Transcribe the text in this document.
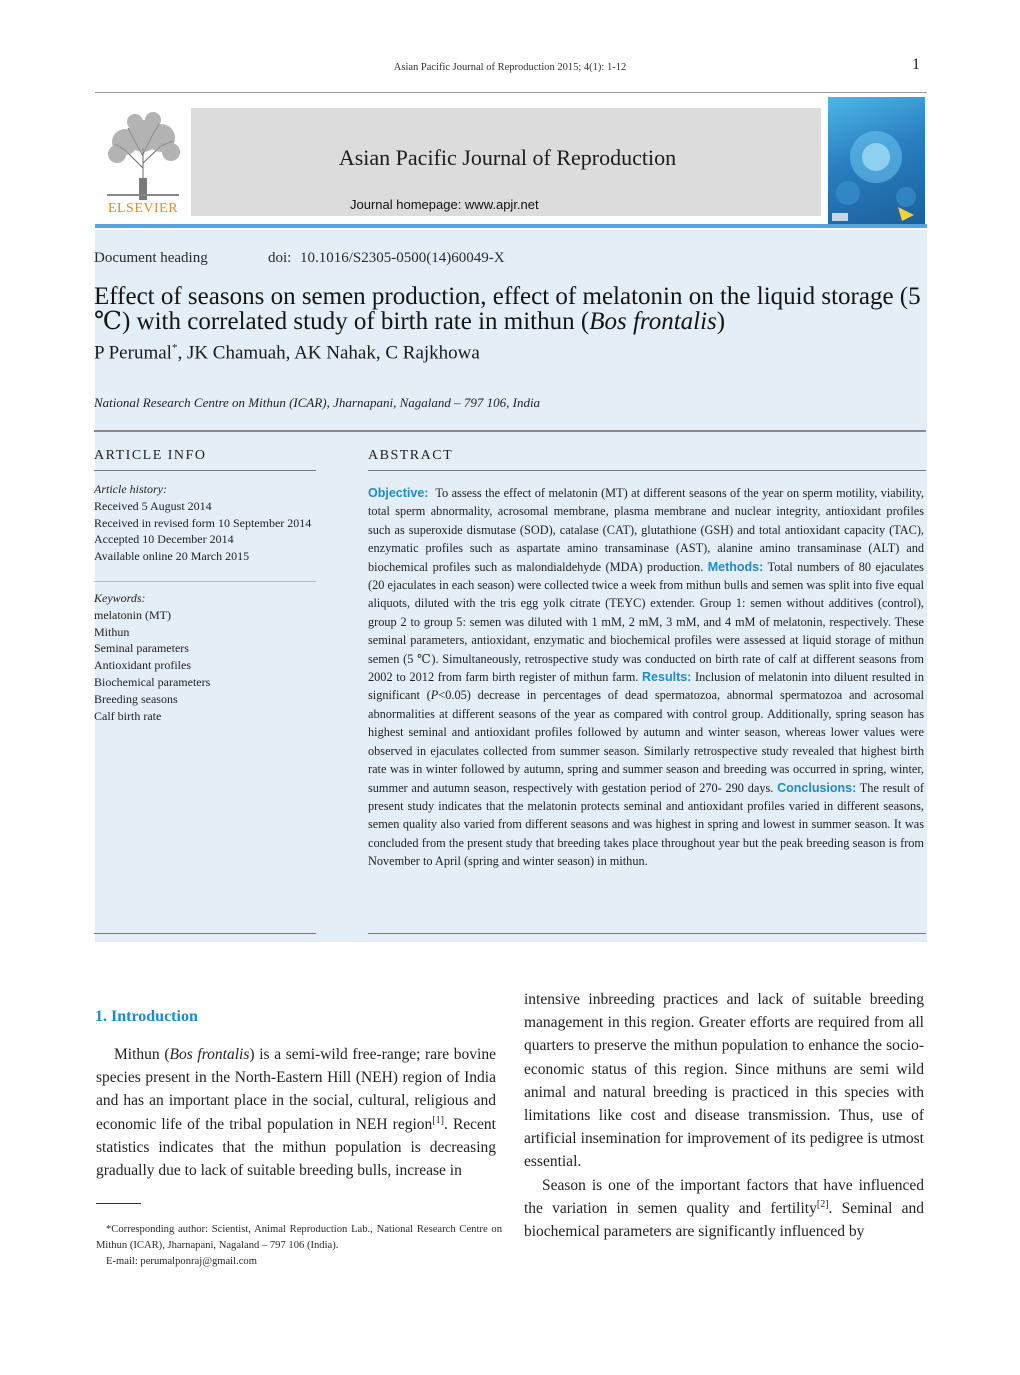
Asian Pacific Journal of Reproduction 2015; 4(1): 1-12	1
ELSEVIER
Asian Pacific Journal of Reproduction
Journal homepage: www.apjr.net
Document heading	doi: 10.1016/S2305-0500(14)60049-X
Effect of seasons on semen production, effect of melatonin on the liquid storage (5 ℃) with correlated study of birth rate in mithun (Bos frontalis)
P Perumal*, JK Chamuah, AK Nahak, C Rajkhowa
National Research Centre on Mithun (ICAR), Jharnapani, Nagaland – 797 106, India
ARTICLE INFO	ABSTRACT
Article history:
Received 5 August 2014
Received in revised form 10 September 2014
Accepted 10 December 2014
Available online 20 March 2015
Keywords:
melatonin (MT)
Mithun
Seminal parameters
Antioxidant profiles
Biochemical parameters
Breeding seasons
Calf birth rate
Objective: To assess the effect of melatonin (MT) at different seasons of the year on sperm motility, viability, total sperm abnormality, acrosomal membrane, plasma membrane and nuclear integrity, antioxidant profiles such as superoxide dismutase (SOD), catalase (CAT), glutathione (GSH) and total antioxidant capacity (TAC), enzymatic profiles such as aspartate amino transaminase (AST), alanine amino transaminase (ALT) and biochemical profiles such as malondialdehyde (MDA) production. Methods: Total numbers of 80 ejaculates (20 ejaculates in each season) were collected twice a week from mithun bulls and semen was split into five equal aliquots, diluted with the tris egg yolk citrate (TEYC) extender. Group 1: semen without additives (control), group 2 to group 5: semen was diluted with 1 mM, 2 mM, 3 mM, and 4 mM of melatonin, respectively. These seminal parameters, antioxidant, enzymatic and biochemical profiles were assessed at liquid storage of mithun semen (5 ℃). Simultaneously, retrospective study was conducted on birth rate of calf at different seasons from 2002 to 2012 from farm birth register of mithun farm. Results: Inclusion of melatonin into diluent resulted in significant (P<0.05) decrease in percentages of dead spermatozoa, abnormal spermatozoa and acrosomal abnormalities at different seasons of the year as compared with control group. Additionally, spring season has highest seminal and antioxidant profiles followed by autumn and winter season, whereas lower values were observed in ejaculates collected from summer season. Similarly retrospective study revealed that highest birth rate was in winter followed by autumn, spring and summer season and breeding was occurred in spring, winter, summer and autumn season, respectively with gestation period of 270- 290 days. Conclusions: The result of present study indicates that the melatonin protects seminal and antioxidant profiles varied in different seasons, semen quality also varied from different seasons and was highest in spring and lowest in summer season. It was concluded from the present study that breeding takes place throughout year but the peak breeding season is from November to April (spring and winter season) in mithun.
1. Introduction

Mithun (Bos frontalis) is a semi-wild free-range; rare bovine species present in the North-Eastern Hill (NEH) region of India and has an important place in the social, cultural, religious and economic life of the tribal population in NEH region[1]. Recent statistics indicates that the mithun population is decreasing gradually due to lack of suitable breeding bulls, increase in

intensive inbreeding practices and lack of suitable breeding management in this region. Greater efforts are required from all quarters to preserve the mithun population to enhance the socio-economic status of this region. Since mithuns are semi wild animal and natural breeding is practiced in this species with limitations like cost and disease transmission. Thus, use of artificial insemination for improvement of its pedigree is utmost essential.

Season is one of the important factors that have influenced the variation in semen quality and fertility[2]. Seminal and biochemical parameters are significantly influenced by

*Corresponding author: Scientist, Animal Reproduction Lab., National Research Centre on Mithun (ICAR), Jharnapani, Nagaland – 797 106 (India).
E-mail: perumalponraj@gmail.com
